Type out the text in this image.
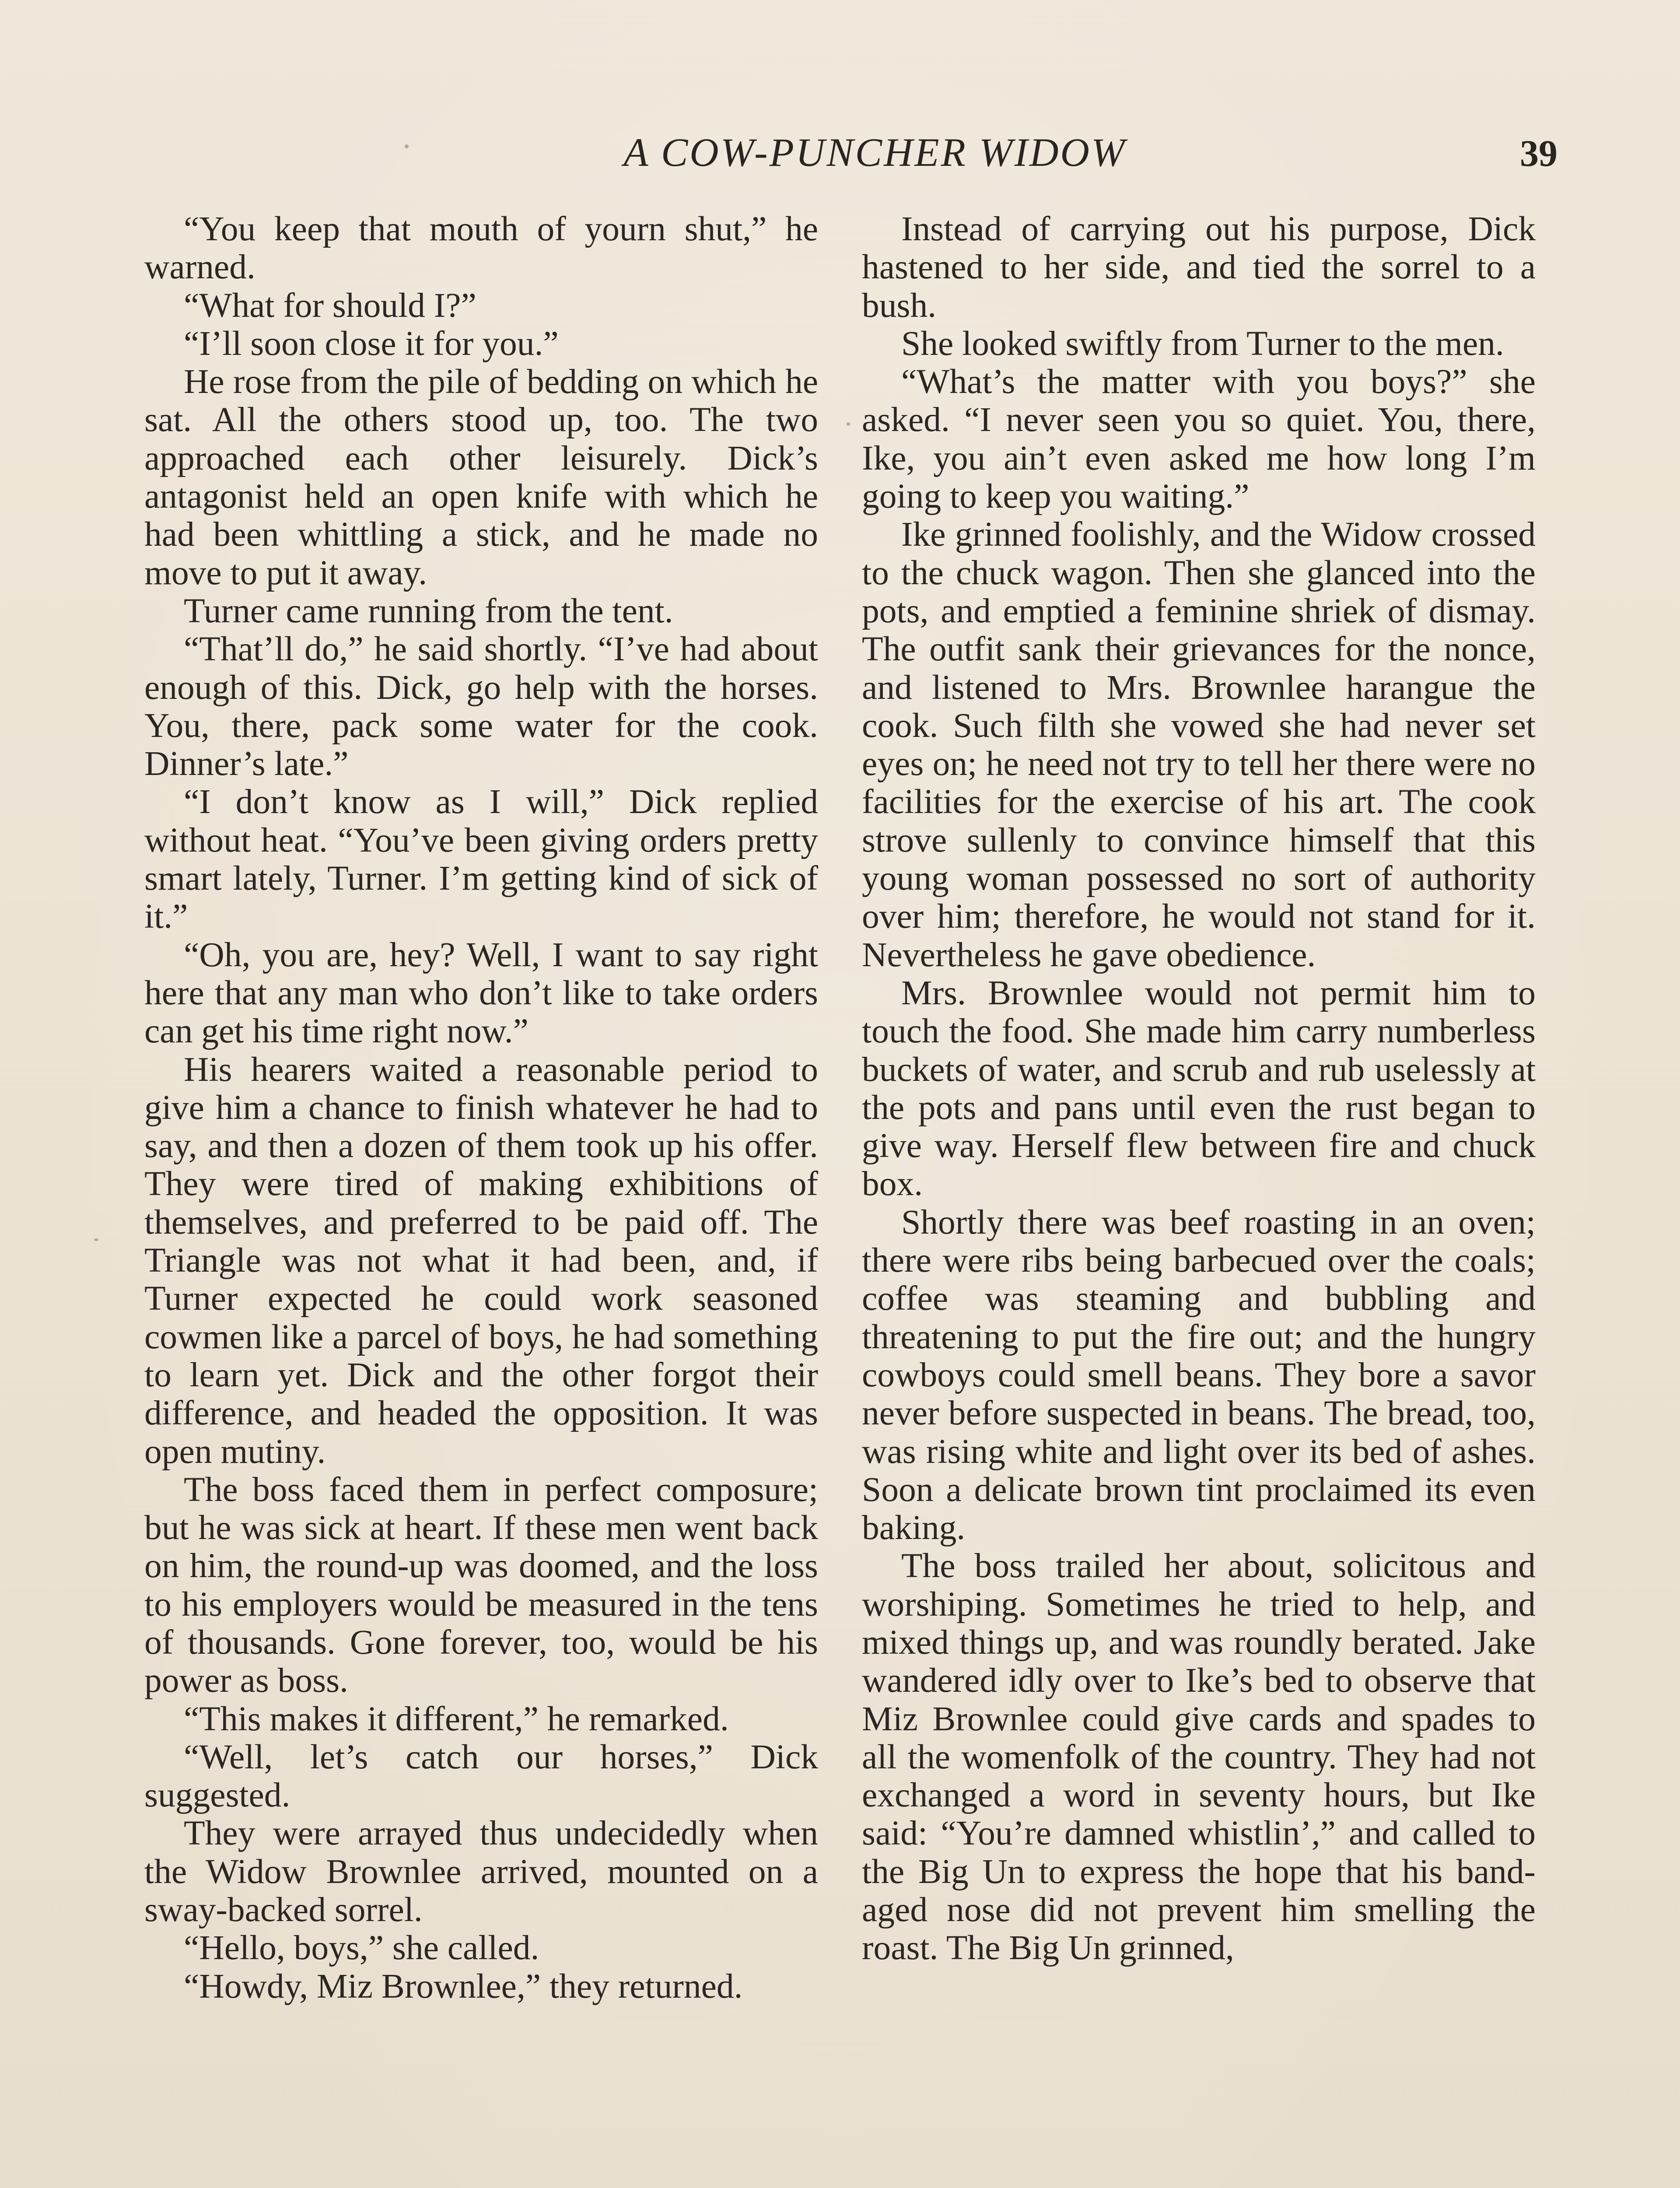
A COW-PUNCHER WIDOW	39

“You keep that mouth of yourn shut,” he warned.

“What for should I?”

“I’ll soon close it for you.”

He rose from the pile of bedding on which he sat. All the others stood up, too. The two approached each other leisurely. Dick’s antagonist held an open knife with which he had been whittling a stick, and he made no move to put it away.

Turner came running from the tent.

“That’ll do,” he said shortly. “I’ve had about enough of this. Dick, go help with the horses. You, there, pack some water for the cook. Dinner’s late.”

“I don’t know as I will,” Dick replied without heat. “You’ve been giving orders pretty smart lately, Turner. I’m getting kind of sick of it.”

“Oh, you are, hey? Well, I want to say right here that any man who don’t like to take orders can get his time right now.”

His hearers waited a reasonable period to give him a chance to finish whatever he had to say, and then a dozen of them took up his offer. They were tired of making exhibitions of themselves, and preferred to be paid off. The Triangle was not what it had been, and, if Turner expected he could work seasoned cowmen like a parcel of boys, he had something to learn yet. Dick and the other forgot their difference, and headed the opposition. It was open mutiny.

The boss faced them in perfect composure; but he was sick at heart. If these men went back on him, the round-up was doomed, and the loss to his employers would be measured in the tens of thousands. Gone forever, too, would be his power as boss.

“This makes it different,” he remarked.

“Well, let’s catch our horses,” Dick suggested.

They were arrayed thus undecidedly when the Widow Brownlee arrived, mounted on a sway-backed sorrel.

“Hello, boys,” she called.

“Howdy, Miz Brownlee,” they returned.

Instead of carrying out his purpose, Dick hastened to her side, and tied the sorrel to a bush.

She looked swiftly from Turner to the men.

“What’s the matter with you boys?” she asked. “I never seen you so quiet. You, there, Ike, you ain’t even asked me how long I’m going to keep you waiting.”

Ike grinned foolishly, and the Widow crossed to the chuck wagon. Then she glanced into the pots, and emptied a feminine shriek of dismay. The outfit sank their grievances for the nonce, and listened to Mrs. Brownlee harangue the cook. Such filth she vowed she had never set eyes on; he need not try to tell her there were no facilities for the exercise of his art. The cook strove sullenly to convince himself that this young woman possessed no sort of authority over him; therefore, he would not stand for it. Nevertheless he gave obedience.

Mrs. Brownlee would not permit him to touch the food. She made him carry numberless buckets of water, and scrub and rub uselessly at the pots and pans until even the rust began to give way. Herself flew between fire and chuck box.

Shortly there was beef roasting in an oven; there were ribs being barbecued over the coals; coffee was steaming and bubbling and threatening to put the fire out; and the hungry cowboys could smell beans. They bore a savor never before suspected in beans. The bread, too, was rising white and light over its bed of ashes. Soon a delicate brown tint proclaimed its even baking.

The boss trailed her about, solicitous and worshiping. Sometimes he tried to help, and mixed things up, and was roundly berated. Jake wandered idly over to Ike’s bed to observe that Miz Brownlee could give cards and spades to all the womenfolk of the country. They had not exchanged a word in seventy hours, but Ike said: “You’re damned whistlin’,” and called to the Big Un to express the hope that his bandaged nose did not prevent him smelling the roast. The Big Un grinned,
